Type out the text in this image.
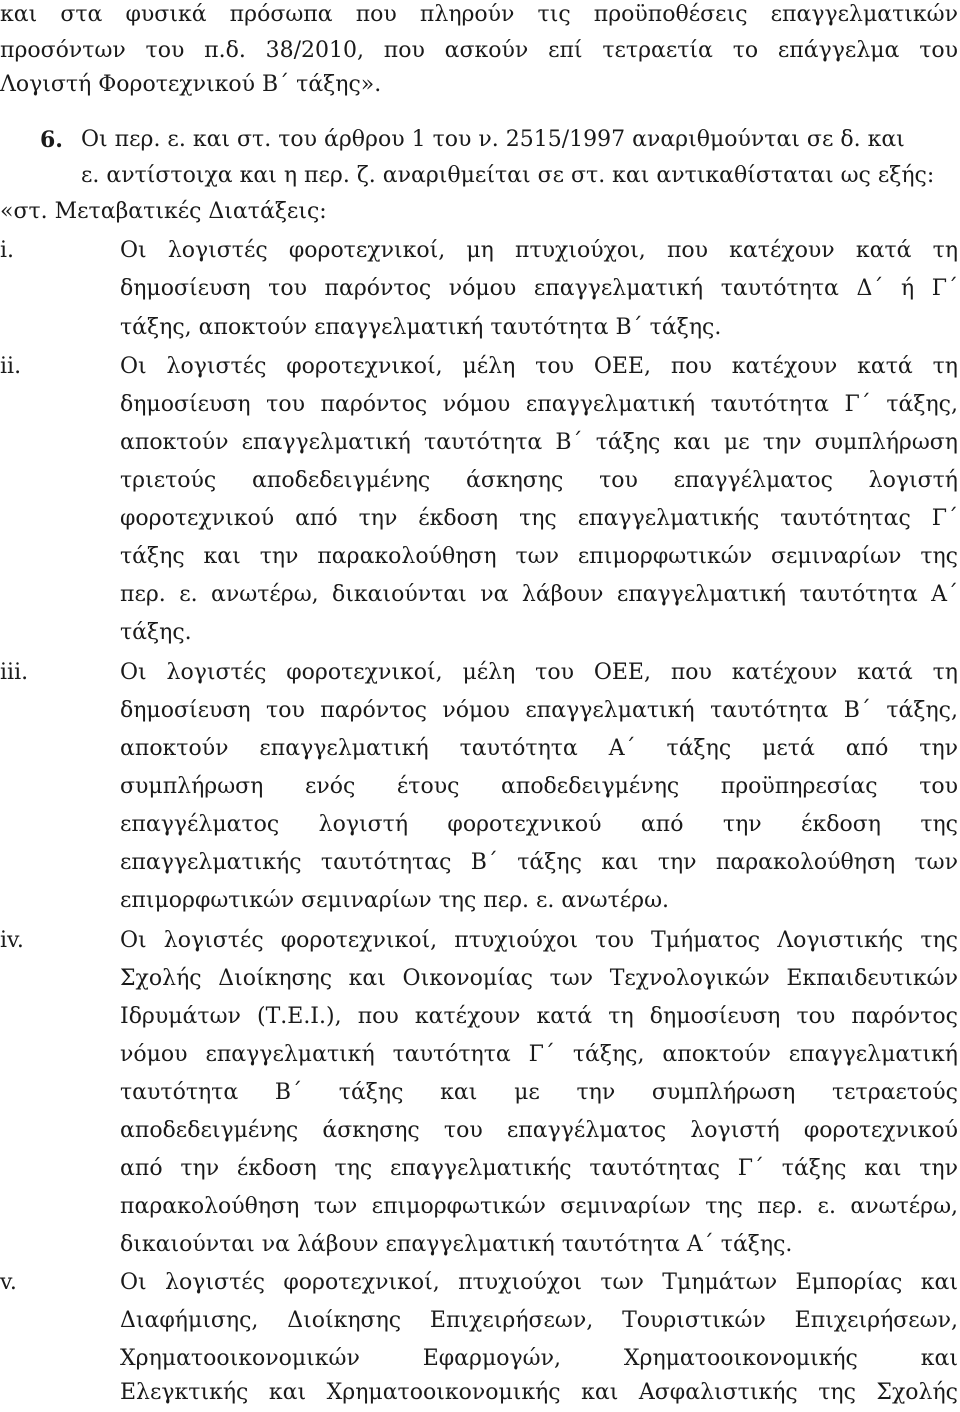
και στα φυσικά πρόσωπα που πληρούν τις προϋποθέσεις επαγγελματικών
προσόντων του π.δ. 38/2010, που ασκούν επί τετραετία το επάγγελμα του
Λογιστή Φοροτεχνικού Β΄ τάξης».
6. Οι περ. ε. και στ. του άρθρου 1 του ν. 2515/1997 αναριθμούνται σε δ. και
ε. αντίστοιχα και η περ. ζ. αναριθμείται σε στ. και αντικαθίσταται ως εξής:
«στ. Μεταβατικές Διατάξεις:
i.	Οι λογιστές φοροτεχνικοί, μη πτυχιούχοι, που κατέχουν κατά τη
δημοσίευση του παρόντος νόμου επαγγελματική ταυτότητα Δ΄ ή Γ΄
τάξης, αποκτούν επαγγελματική ταυτότητα Β΄ τάξης.
ii.	Οι λογιστές φοροτεχνικοί, μέλη του ΟΕΕ, που κατέχουν κατά τη
δημοσίευση του παρόντος νόμου επαγγελματική ταυτότητα Γ΄ τάξης,
αποκτούν επαγγελματική ταυτότητα Β΄ τάξης και με την συμπλήρωση
τριετούς αποδεδειγμένης άσκησης του επαγγέλματος λογιστή
φοροτεχνικού από την έκδοση της επαγγελματικής ταυτότητας Γ΄
τάξης και την παρακολούθηση των επιμορφωτικών σεμιναρίων της
περ. ε. ανωτέρω, δικαιούνται να λάβουν επαγγελματική ταυτότητα Α΄
τάξης.
iii.	Οι λογιστές φοροτεχνικοί, μέλη του ΟΕΕ, που κατέχουν κατά τη
δημοσίευση του παρόντος νόμου επαγγελματική ταυτότητα Β΄ τάξης,
αποκτούν επαγγελματική ταυτότητα Α΄ τάξης μετά από την
συμπλήρωση ενός έτους αποδεδειγμένης προϋπηρεσίας του
επαγγέλματος λογιστή φοροτεχνικού από την έκδοση της
επαγγελματικής ταυτότητας Β΄ τάξης και την παρακολούθηση των
επιμορφωτικών σεμιναρίων της περ. ε. ανωτέρω.
iv.	Οι λογιστές φοροτεχνικοί, πτυχιούχοι του Τμήματος Λογιστικής της
Σχολής Διοίκησης και Οικονομίας των Τεχνολογικών Εκπαιδευτικών
Ιδρυμάτων (Τ.Ε.Ι.), που κατέχουν κατά τη δημοσίευση του παρόντος
νόμου επαγγελματική ταυτότητα Γ΄ τάξης, αποκτούν επαγγελματική
ταυτότητα Β΄ τάξης και με την συμπλήρωση τετραετούς
αποδεδειγμένης άσκησης του επαγγέλματος λογιστή φοροτεχνικού
από την έκδοση της επαγγελματικής ταυτότητας Γ΄ τάξης και την
παρακολούθηση των επιμορφωτικών σεμιναρίων της περ. ε. ανωτέρω,
δικαιούνται να λάβουν επαγγελματική ταυτότητα Α΄ τάξης.
v.	Οι λογιστές φοροτεχνικοί, πτυχιούχοι των Τμημάτων Εμπορίας και
Διαφήμισης, Διοίκησης Επιχειρήσεων, Τουριστικών Επιχειρήσεων,
Χρηματοοικονομικών Εφαρμογών, Χρηματοοικονομικής και
Ελεγκτικής και Χρηματοοικονομικής και Ασφαλιστικής της Σχολής
